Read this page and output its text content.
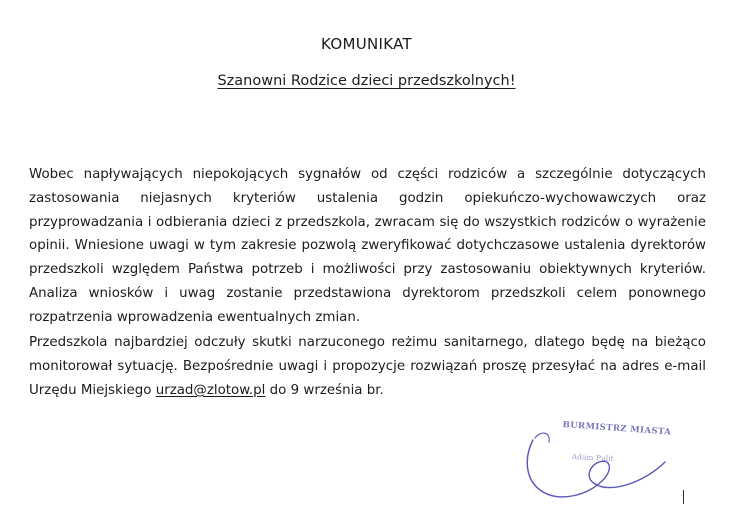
KOMUNIKAT
Szanowni Rodzice dzieci przedszkolnych!

Wobec napływających niepokojących sygnałów od części rodziców a szczególnie dotyczących zastosowania niejasnych kryteriów ustalenia godzin opiekuńczo-wychowawczych oraz przyprowadzania i odbierania dzieci z przedszkola, zwracam się do wszystkich rodziców o wyrażenie opinii. Wniesione uwagi w tym zakresie pozwolą zweryfikować dotychczasowe ustalenia dyrektorów przedszkoli względem Państwa potrzeb i możliwości przy zastosowaniu obiektywnych kryteriów. Analiza wniosków i uwag zostanie przedstawiona dyrektorom przedszkoli celem ponownego rozpatrzenia wprowadzenia ewentualnych zmian.

Przedszkola najbardziej odczuły skutki narzuconego reżimu sanitarnego, dlatego będę na bieżąco monitorował sytuację. Bezpośrednie uwagi i propozycje rozwiązań proszę przesyłać na adres e-mail Urzędu Miejskiego urzad@zlotow.pl do 9 września br.

BURMISTRZ MIASTA
Adam Pulit
